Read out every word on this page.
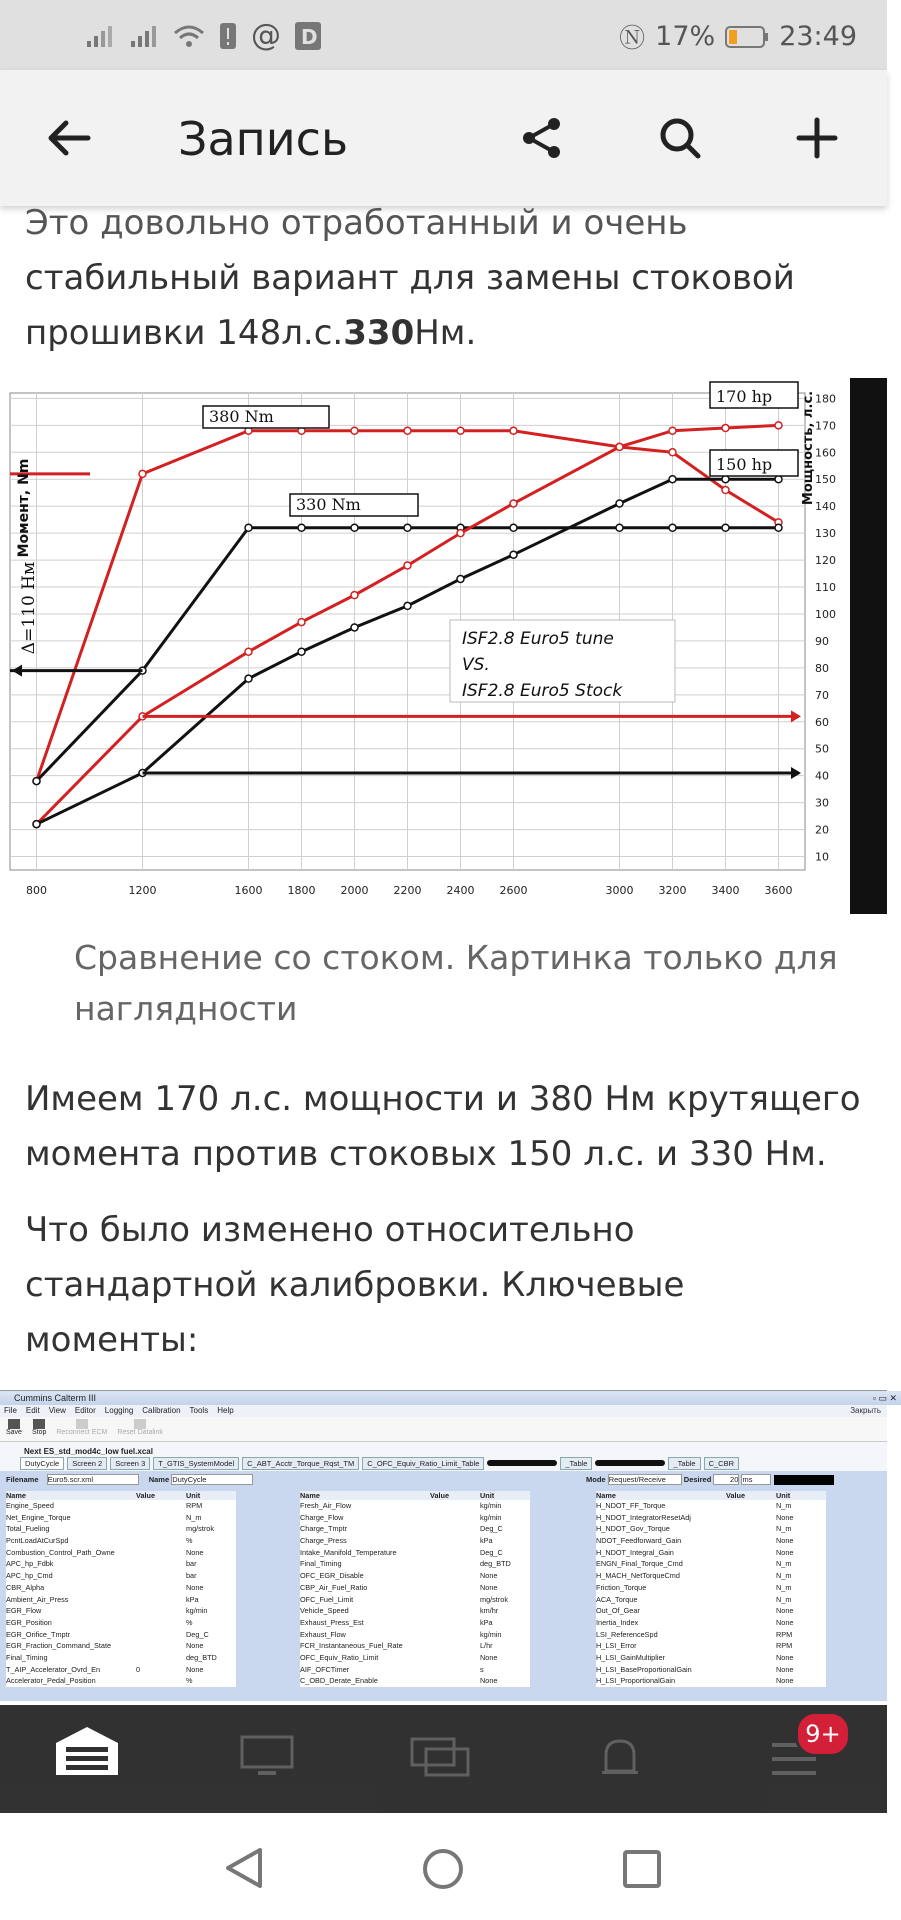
@ D	Ⓝ 17% 23:49
Запись
Это довольно отработанный и очень
стабильный вариант для замены стоковой
прошивки 148л.с.330Нм.
10
20
30
40
50
60
70
80
90
100
110
120
130
140
150
160
170
180
800	1200	1600 1800 2000 2200 2400 2600	3000 3200 3400 3600
380 Nm
330 Nm
170 hp
150 hp
ISF2.8 Euro5 tune
VS.
ISF2.8 Euro5 Stock
Момент, Nm
Δ=110 Нм
Мощность, л.с.
Сравнение со стоком. Картинка только для
наглядности
Имеем 170 л.с. мощности и 380 Нм крутящего
момента против стоковых 150 л.с. и 330 Нм.
Что было изменено относительно
стандартной калибровки. Ключевые
моменты:
Cummins Calterm III	▫ ▭ ✕
File Edit View Editor Logging Calibration Tools Help	Закрыть
Save Stop Reconnect ECM Reset Datalink
Next ES_std_mod4c_low fuel.xcal
DutyCycle	Screen 2	Screen 3	T_GTIS_SystemModel	C_ABT_Acctr_Torque_Rqst_TM	C_OFC_Equiv_Ratio_Limit_Table	_Table	_Table	C_CBR
Filename Euro5.scr.xml	Name DutyCycle	Mode Request/Receive Desired	20 ms
Name	Value	Unit
Engine_Speed	RPM
Net_Engine_Torque	N_m
Total_Fueling	mg/strok
PcntLoadAtCurSpd	%
Combustion_Control_Path_Owne	None
APC_hp_Fdbk	bar
APC_hp_Cmd	bar
CBR_Alpha	None
Ambient_Air_Press	kPa
EGR_Flow	kg/min
EGR_Position	%
EGR_Orifice_Tmptr	Deg_C
EGR_Fraction_Command_State	None
Final_Timing	deg_BTD
T_AIP_Accelerator_Ovrd_En	0	None
Accelerator_Pedal_Position	%
Name	Value	Unit
Fresh_Air_Flow	kg/min
Charge_Flow	kg/min
Charge_Tmptr	Deg_C
Charge_Press	kPa
Intake_Manifold_Temperature	Deg_C
Final_Timing	deg_BTD
OFC_EGR_Disable	None
CBP_Air_Fuel_Ratio	None
OFC_Fuel_Limit	mg/strok
Vehicle_Speed	km/hr
Exhaust_Press_Est	kPa
Exhaust_Flow	kg/min
FCR_Instantaneous_Fuel_Rate	L/hr
OFC_Equiv_Ratio_Limit	None
AIF_OFCTimer	s
C_OBD_Derate_Enable	None
Name	Value	Unit
H_NDOT_FF_Torque	N_m
H_NDOT_IntegratorResetAdj	None
H_NDOT_Gov_Torque	N_m
NDOT_Feedforward_Gain	None
H_NDOT_Integral_Gain	None
ENGN_Final_Torque_Cmd	N_m
H_MACH_NetTorqueCmd	N_m
Friction_Torque	N_m
ACA_Torque	N_m
Out_Of_Gear	None
Inertia_Index	None
LSI_ReferenceSpd	RPM
H_LSI_Error	RPM
H_LSI_GainMultiplier	None
H_LSI_BaseProportionalGain	None
H_LSI_ProportionalGain	None
9+
